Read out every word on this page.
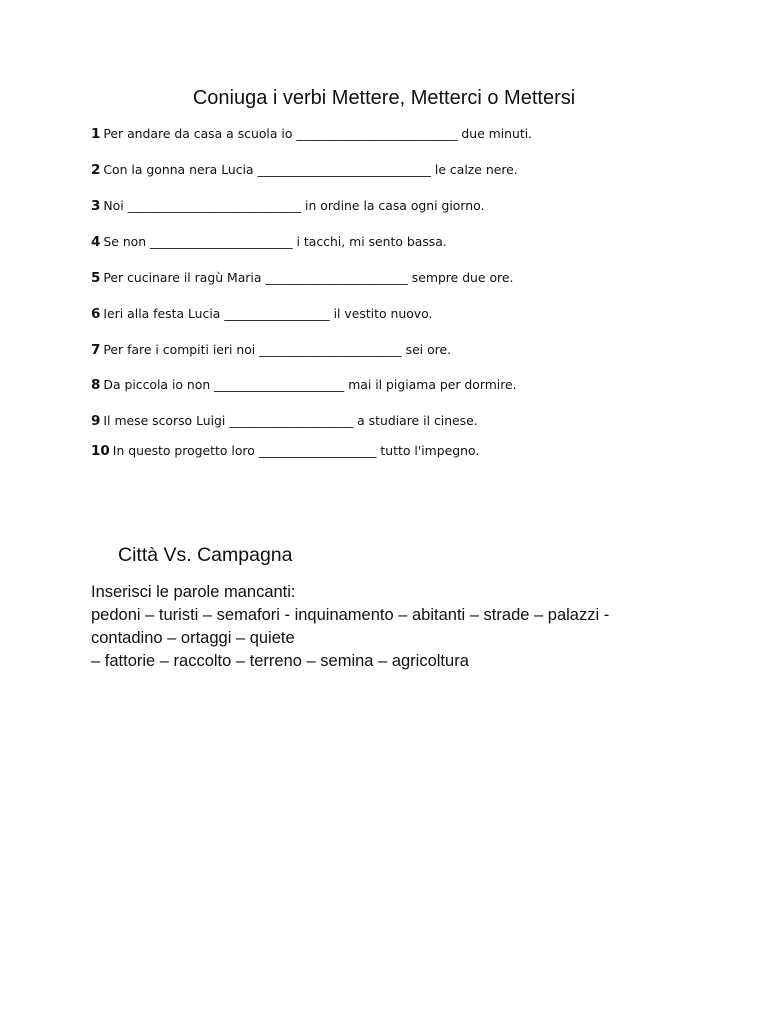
Coniuga i verbi Mettere, Metterci o Mettersi
1 Per andare da casa a scuola io __________________________ due minuti.
2 Con la gonna nera Lucia ____________________________ le calze nere.
3 Noi ____________________________ in ordine la casa ogni giorno.
4 Se non _______________________ i tacchi, mi sento bassa.
5 Per cucinare il ragù Maria _______________________ sempre due ore.
6 Ieri alla festa Lucia _________________ il vestito nuovo.
7 Per fare i compiti ieri noi _______________________ sei ore.
8 Da piccola io non _____________________ mai il pigiama per dormire.
9 Il mese scorso Luigi ____________________ a studiare il cinese.
10 In questo progetto loro ___________________ tutto l'impegno.
Città Vs. Campagna
Inserisci le parole mancanti:
pedoni – turisti – semafori - inquinamento – abitanti – strade – palazzi -
contadino – ortaggi – quiete
– fattorie – raccolto – terreno – semina – agricoltura
